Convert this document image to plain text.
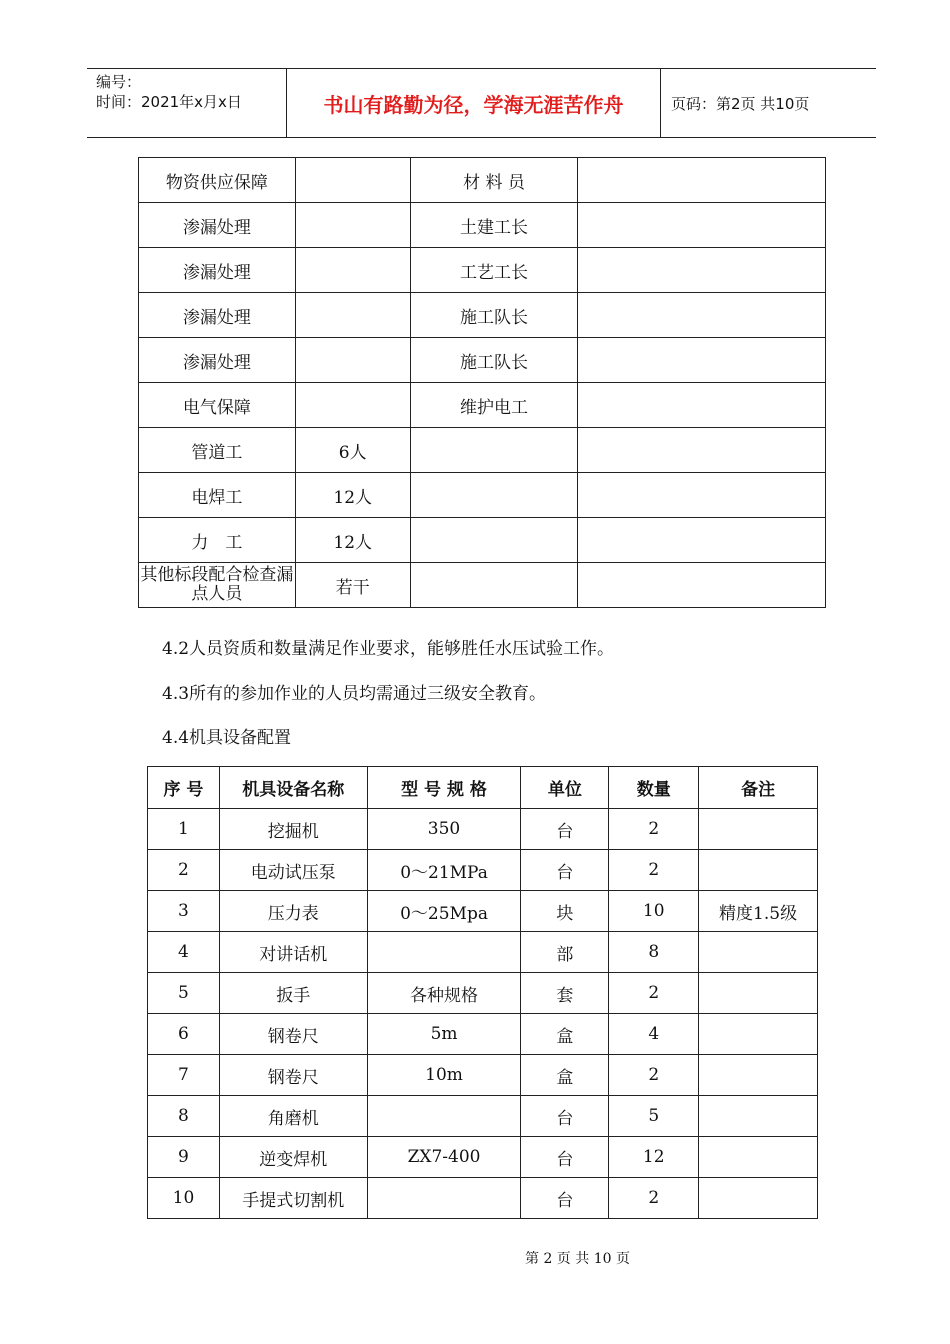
编号：
时间：2021年x月x日	书山有路勤为径，学海无涯苦作舟	页码：第2页 共10页
物资供应保障		材 料 员	
渗漏处理		土建工长	
渗漏处理		工艺工长	
渗漏处理		施工队长	
渗漏处理		施工队长	
电气保障		维护电工	
管道工	6人		
电焊工	12人		
力　工	12人		
其他标段配合检查漏点人员	若干		
4.2人员资质和数量满足作业要求，能够胜任水压试验工作。
4.3所有的参加作业的人员均需通过三级安全教育。
4.4机具设备配置
序 号	机具设备名称	型 号 规 格	单位	数量	备注
1	挖掘机	350	台	2	
2	电动试压泵	0～21MPa	台	2	
3	压力表	0～25Mpa	块	10	精度1.5级
4	对讲话机		部	8	
5	扳手	各种规格	套	2	
6	钢卷尺	5m	盒	4	
7	钢卷尺	10m	盒	2	
8	角磨机		台	5	
9	逆变焊机	ZX7-400	台	12	
10	手提式切割机		台	2	
第 2 页 共 10 页
